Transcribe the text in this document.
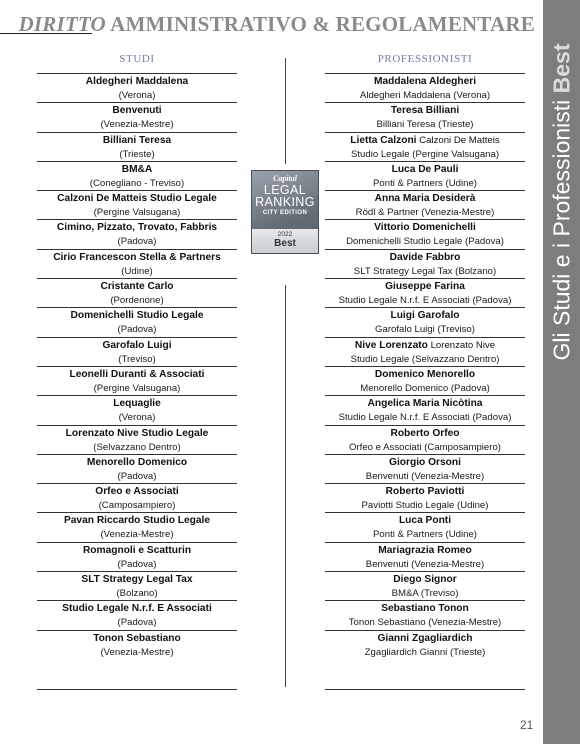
DIRITTO AMMINISTRATIVO & REGOLAMENTARE
Gli Studi e i Professionisti Best
STUDI	PROFESSIONISTI
Aldegheri Maddalena
(Verona)
Benvenuti
(Venezia-Mestre)
Billiani Teresa
(Trieste)
BM&A
(Conegliano - Treviso)
Calzoni De Matteis Studio Legale
(Pergine Valsugana)
Cimino, Pizzato, Trovato, Fabbris
(Padova)
Cirio Francescon Stella & Partners
(Udine)
Cristante Carlo
(Pordenone)
Domenichelli Studio Legale
(Padova)
Garofalo Luigi
(Treviso)
Leonelli Duranti & Associati
(Pergine Valsugana)
Lequaglie
(Verona)
Lorenzato Nive Studio Legale
(Selvazzano Dentro)
Menorello Domenico
(Padova)
Orfeo e Associati
(Camposampiero)
Pavan Riccardo Studio Legale
(Venezia-Mestre)
Romagnoli e Scatturin
(Padova)
SLT Strategy Legal Tax
(Bolzano)
Studio Legale N.r.f. E Associati
(Padova)
Tonon Sebastiano
(Venezia-Mestre)
Maddalena Aldegheri
Aldegheri Maddalena (Verona)
Teresa Billiani
Billiani Teresa (Trieste)
Lietta Calzoni Calzoni De Matteis
Studio Legale (Pergine Valsugana)
Luca De Pauli
Ponti & Partners (Udine)
Anna Maria Desiderà
Rödl & Partner (Venezia-Mestre)
Vittorio Domenichelli
Domenichelli Studio Legale (Padova)
Davide Fabbro
SLT Strategy Legal Tax (Bolzano)
Giuseppe Farina
Studio Legale N.r.f. E Associati (Padova)
Luigi Garofalo
Garofalo Luigi (Treviso)
Nive Lorenzato Lorenzato Nive
Studio Legale (Selvazzano Dentro)
Domenico Menorello
Menorello Domenico (Padova)
Angelica Maria Nicòtina
Studio Legale N.r.f. E Associati (Padova)
Roberto Orfeo
Orfeo e Associati (Camposampiero)
Giorgio Orsoni
Benvenuti (Venezia-Mestre)
Roberto Paviotti
Paviotti Studio Legale (Udine)
Luca Ponti
Ponti & Partners (Udine)
Mariagrazia Romeo
Benvenuti (Venezia-Mestre)
Diego Signor
BM&A (Treviso)
Sebastiano Tonon
Tonon Sebastiano (Venezia-Mestre)
Gianni Zgagliardich
Zgagliardich Gianni (Trieste)
Capital
LEGAL
RANKING
CITY EDITION
2022
Best
21
